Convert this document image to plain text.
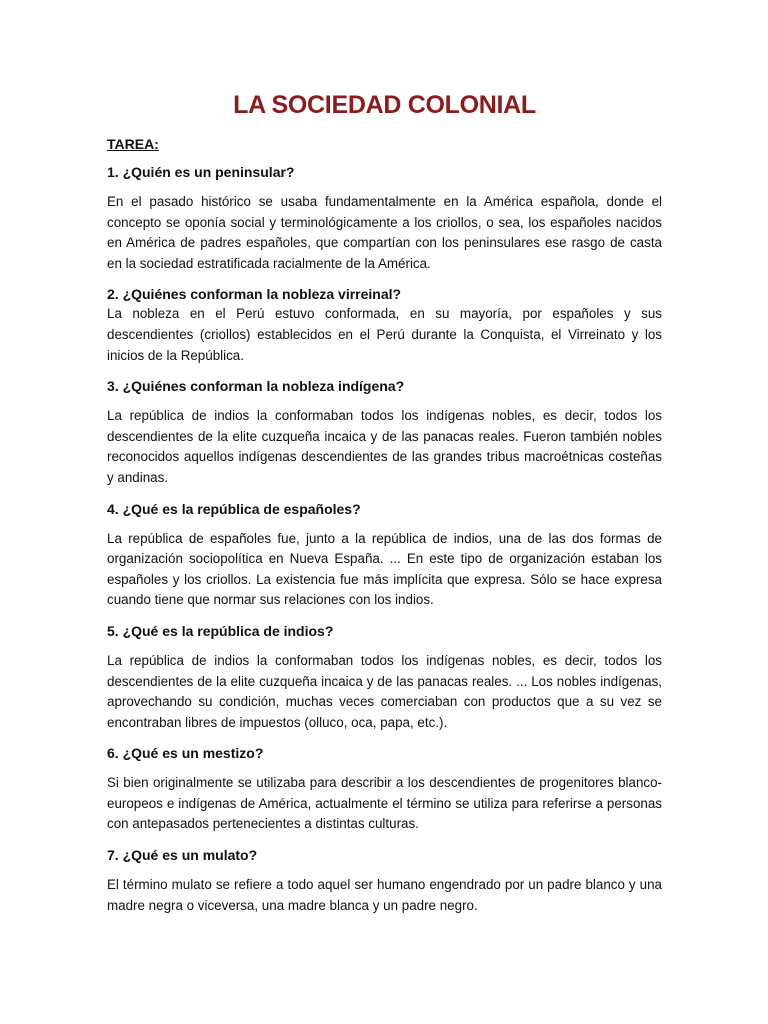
LA SOCIEDAD COLONIAL
TAREA:
1. ¿Quién es un peninsular?

En el pasado histórico se usaba fundamentalmente en la América española, donde el concepto se oponía social y terminológicamente a los criollos, o sea, los españoles nacidos en América de padres españoles, que compartían con los peninsulares ese rasgo de casta en la sociedad estratificada racialmente de la América.

2. ¿Quiénes conforman la nobleza virreinal?

La nobleza en el Perú estuvo conformada, en su mayoría, por españoles y sus descendientes (criollos) establecidos en el Perú durante la Conquista, el Virreinato y los inicios de la República.

3. ¿Quiénes conforman la nobleza indígena?

La república de indios la conformaban todos los indígenas nobles, es decir, todos los descendientes de la elite cuzqueña incaica y de las panacas reales. Fueron también nobles reconocidos aquellos indígenas descendientes de las grandes tribus macroétnicas costeñas y andinas.

4. ¿Qué es la república de españoles?

La república de españoles fue, junto a la república de indios, una de las dos formas de organización sociopolítica en Nueva España. ... En este tipo de organización estaban los españoles y los criollos. La existencia fue más implícita que expresa. Sólo se hace expresa cuando tiene que normar sus relaciones con los indios.

5. ¿Qué es la república de indios?

La república de indios la conformaban todos los indígenas nobles, es decir, todos los descendientes de la elite cuzqueña incaica y de las panacas reales. ... Los nobles indígenas, aprovechando su condición, muchas veces comerciaban con productos que a su vez se encontraban libres de impuestos (olluco, oca, papa, etc.).

6. ¿Qué es un mestizo?

Si bien originalmente se utilizaba para describir a los descendientes de progenitores blanco-europeos e indígenas de América, actualmente el término se utiliza para referirse a personas con antepasados pertenecientes a distintas culturas.

7. ¿Qué es un mulato?

El término mulato se refiere a todo aquel ser humano engendrado por un padre blanco y una madre negra o viceversa, una madre blanca y un padre negro.
